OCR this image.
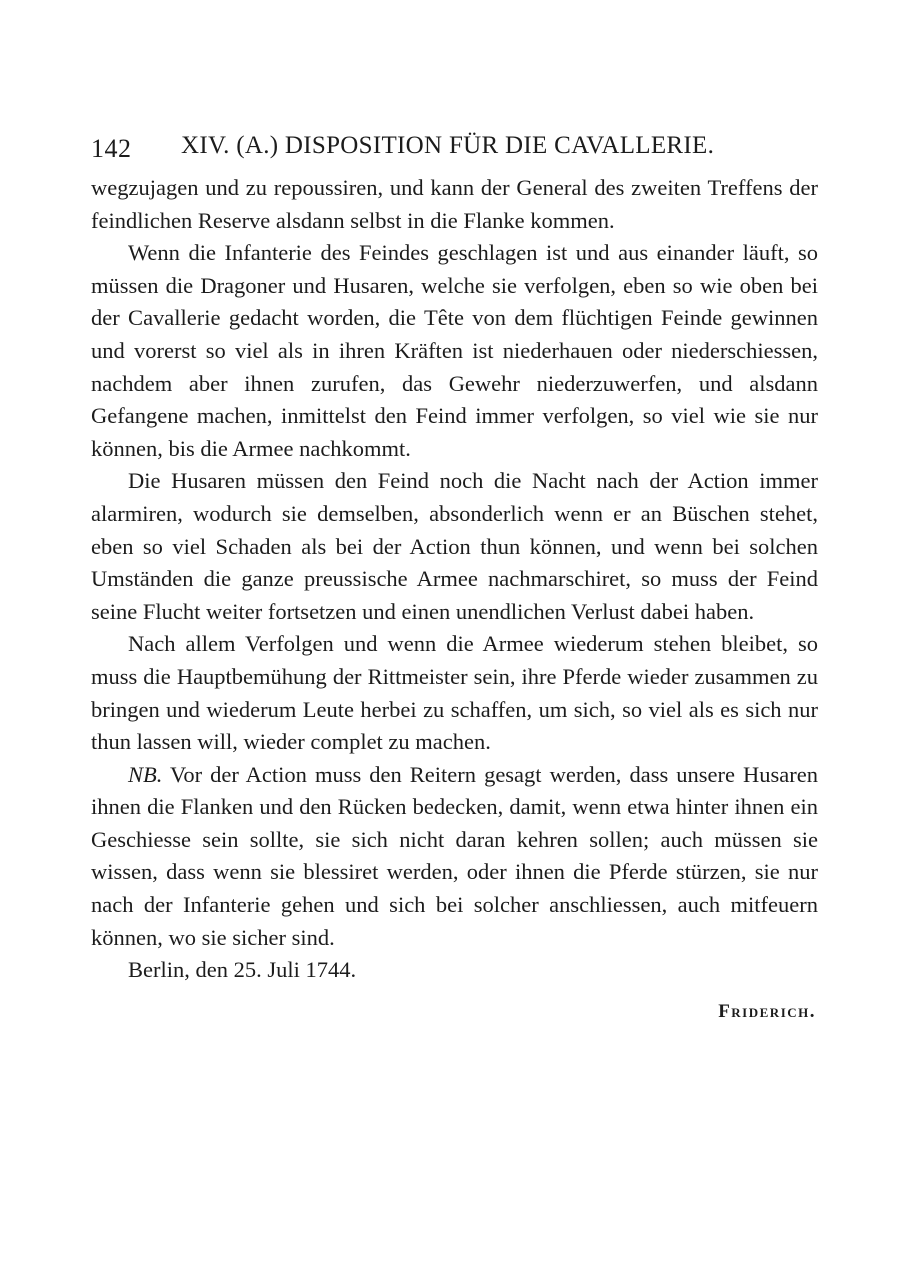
142 XIV. (A.) DISPOSITION FÜR DIE CAVALLERIE.

wegzujagen und zu repoussiren, und kann der General des zweiten Treffens der feindlichen Reserve alsdann selbst in die Flanke kommen.

Wenn die Infanterie des Feindes geschlagen ist und aus einander läuft, so müssen die Dragoner und Husaren, welche sie verfolgen, eben so wie oben bei der Cavallerie gedacht worden, die Tête von dem flüchtigen Feinde gewinnen und vorerst so viel als in ihren Kräften ist niederhauen oder niederschiessen, nachdem aber ihnen zurufen, das Gewehr niederzuwerfen, und alsdann Gefangene machen, inmittelst den Feind immer verfolgen, so viel wie sie nur können, bis die Armee nachkommt.

Die Husaren müssen den Feind noch die Nacht nach der Action immer alarmiren, wodurch sie demselben, absonderlich wenn er an Büschen stehet, eben so viel Schaden als bei der Action thun können, und wenn bei solchen Umständen die ganze preussische Armee nachmarschiret, so muss der Feind seine Flucht weiter fortsetzen und einen unendlichen Verlust dabei haben.

Nach allem Verfolgen und wenn die Armee wiederum stehen bleibet, so muss die Hauptbemühung der Rittmeister sein, ihre Pferde wieder zusammen zu bringen und wiederum Leute herbei zu schaffen, um sich, so viel als es sich nur thun lassen will, wieder complet zu machen.

NB. Vor der Action muss den Reitern gesagt werden, dass unsere Husaren ihnen die Flanken und den Rücken bedecken, damit, wenn etwa hinter ihnen ein Geschiesse sein sollte, sie sich nicht daran kehren sollen; auch müssen sie wissen, dass wenn sie blessiret werden, oder ihnen die Pferde stürzen, sie nur nach der Infanterie gehen und sich bei solcher anschliessen, auch mitfeuern können, wo sie sicher sind.

Berlin, den 25. Juli 1744.

Friderich.
